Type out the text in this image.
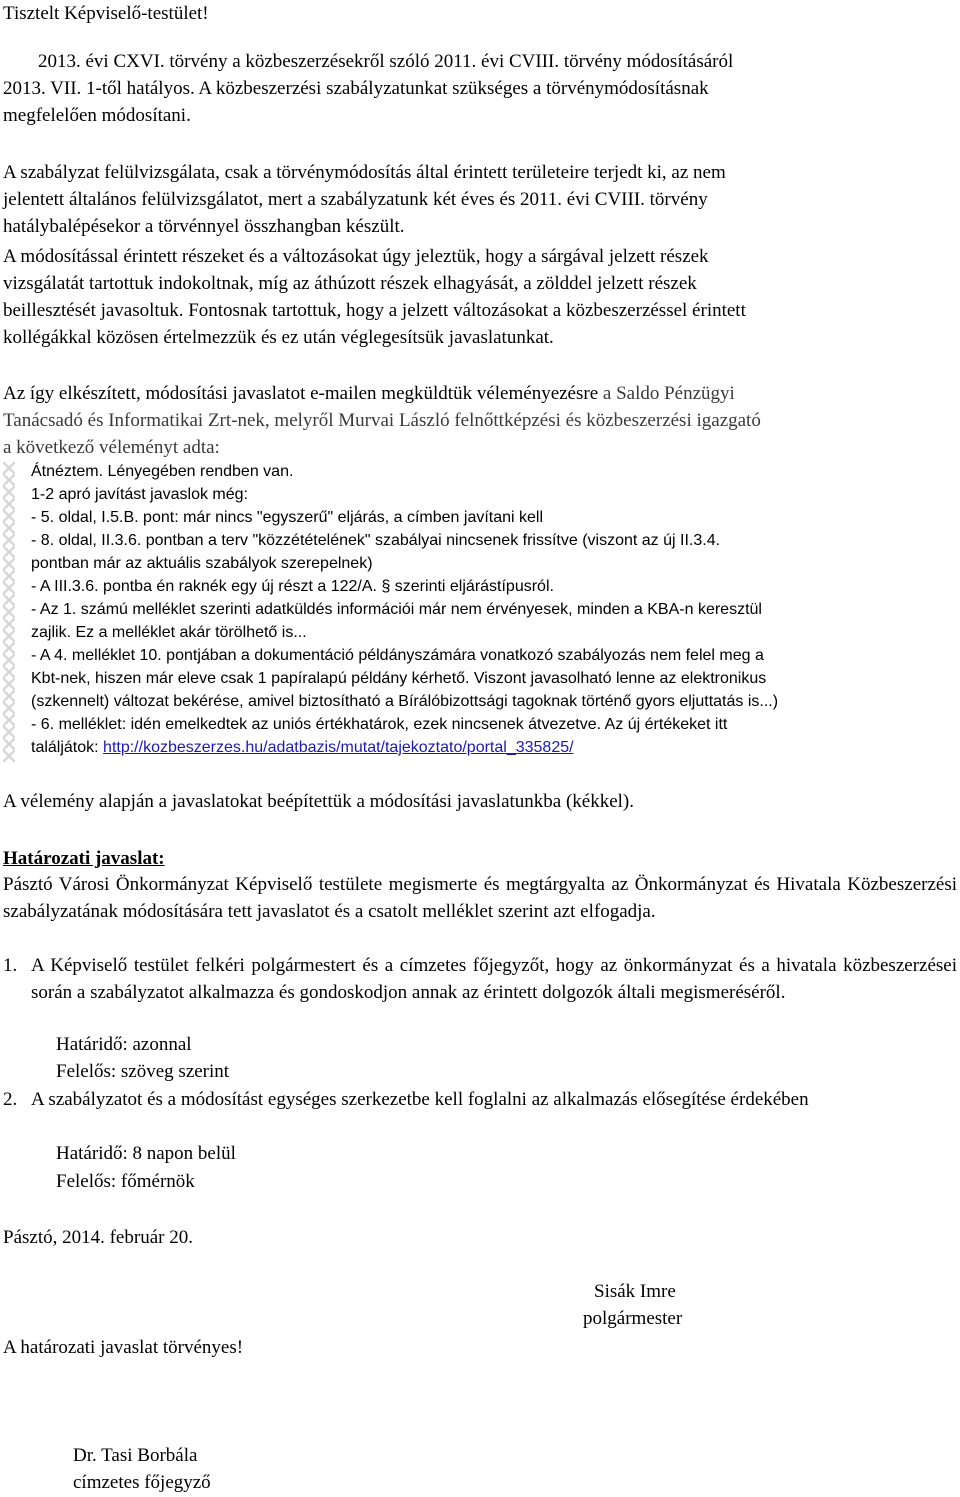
Tisztelt Képviselő-testület!

2013. évi CXVI. törvény a közbeszerzésekről szóló 2011. évi CVIII. törvény módosításáról

2013. VII. 1-től hatályos. A közbeszerzési szabályzatunkat szükséges a törvénymódosításnak

megfelelően módosítani.

A szabályzat felülvizsgálata, csak a törvénymódosítás által érintett területeire terjedt ki, az nem

jelentett általános felülvizsgálatot, mert a szabályzatunk két éves és 2011. évi CVIII. törvény

hatálybalépésekor a törvénnyel összhangban készült.

A módosítással érintett részeket és a változásokat úgy jeleztük, hogy a sárgával jelzett részek

vizsgálatát tartottuk indokoltnak, míg az áthúzott részek elhagyását, a zölddel jelzett részek

beillesztését javasoltuk. Fontosnak tartottuk, hogy a jelzett változásokat a közbeszerzéssel érintett

kollégákkal közösen értelmezzük és ez után véglegesítsük javaslatunkat.

Az így elkészített, módosítási javaslatot e-mailen megküldtük véleményezésre a Saldo Pénzügyi

Tanácsadó és Informatikai Zrt-nek, melyről Murvai László felnőttképzési és közbeszerzési igazgató

a következő véleményt adta:

Átnéztem. Lényegében rendben van.

1-2 apró javítást javaslok még:

- 5. oldal, I.5.B. pont: már nincs "egyszerű" eljárás, a címben javítani kell

- 8. oldal, II.3.6. pontban a terv "közzétételének" szabályai nincsenek frissítve (viszont az új II.3.4.

pontban már az aktuális szabályok szerepelnek)

- A III.3.6. pontba én raknék egy új részt a 122/A. § szerinti eljárástípusról.

- Az 1. számú melléklet szerinti adatküldés információi már nem érvényesek, minden a KBA-n keresztül

zajlik. Ez a melléklet akár törölhető is...

- A 4. melléklet 10. pontjában a dokumentáció példányszámára vonatkozó szabályozás nem felel meg a

Kbt-nek, hiszen már eleve csak 1 papíralapú példány kérhető. Viszont javasolható lenne az elektronikus

(szkennelt) változat bekérése, amivel biztosítható a Bírálóbizottsági tagoknak történő gyors eljuttatás is...)

- 6. melléklet: idén emelkedtek az uniós értékhatárok, ezek nincsenek átvezetve. Az új értékeket itt

találjátok: http://kozbeszerzes.hu/adatbazis/mutat/tajekoztato/portal_335825/

A vélemény alapján a javaslatokat beépítettük a módosítási javaslatunkba (kékkel).

Határozati javaslat:

Pásztó Városi Önkormányzat Képviselő testülete megismerte és megtárgyalta az Önkormányzat és Hivatala Közbeszerzési szabályzatának módosítására tett javaslatot és a csatolt melléklet szerint azt elfogadja.

1. A Képviselő testület felkéri polgármestert és a címzetes főjegyzőt, hogy az önkormányzat és a hivatala közbeszerzései során a szabályzatot alkalmazza és gondoskodjon annak az érintett dolgozók általi megismeréséről.

Határidő: azonnal

Felelős: szöveg szerint

2. A szabályzatot és a módosítást egységes szerkezetbe kell foglalni az alkalmazás elősegítése érdekében

Határidő: 8 napon belül

Felelős: főmérnök

Pásztó, 2014. február 20.

Sisák Imre

polgármester

A határozati javaslat törvényes!

Dr. Tasi Borbála

címzetes főjegyző
